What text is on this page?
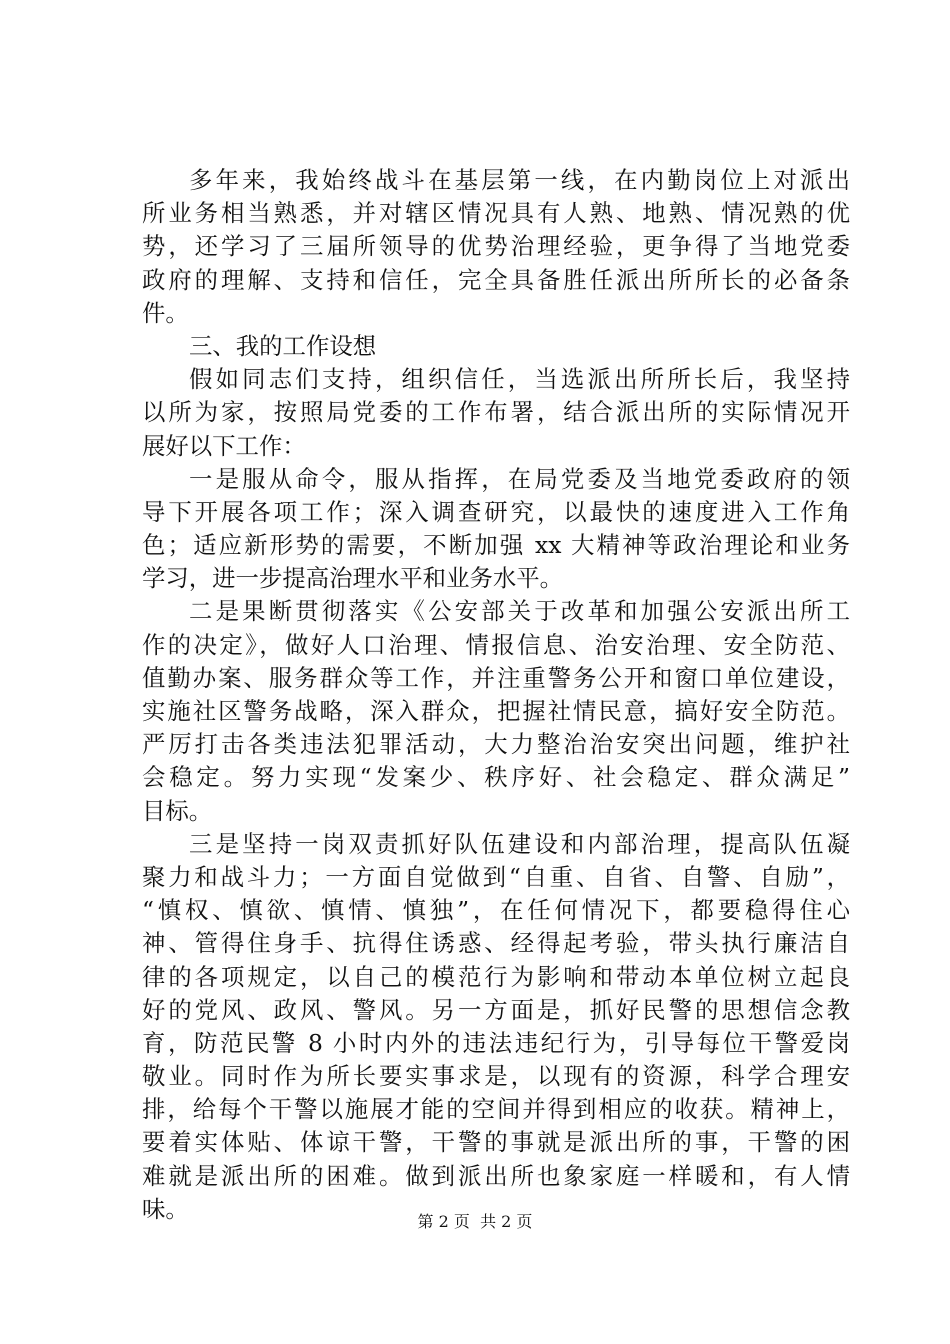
多年来，我始终战斗在基层第一线，在内勤岗位上对派出
所业务相当熟悉，并对辖区情况具有人熟、地熟、情况熟的优
势，还学习了三届所领导的优势治理经验，更争得了当地党委
政府的理解、支持和信任，完全具备胜任派出所所长的必备条
件。
三、我的工作设想
假如同志们支持，组织信任，当选派出所所长后，我坚持
以所为家，按照局党委的工作布署，结合派出所的实际情况开
展好以下工作：
一是服从命令，服从指挥，在局党委及当地党委政府的领
导下开展各项工作；深入调查研究，以最快的速度进入工作角
色；适应新形势的需要，不断加强 xx 大精神等政治理论和业务
学习，进一步提高治理水平和业务水平。
二是果断贯彻落实《公安部关于改革和加强公安派出所工
作的决定》，做好人口治理、情报信息、治安治理、安全防范、
值勤办案、服务群众等工作，并注重警务公开和窗口单位建设，
实施社区警务战略，深入群众，把握社情民意，搞好安全防范。
严厉打击各类违法犯罪活动，大力整治治安突出问题，维护社
会稳定。努力实现“发案少、秩序好、社会稳定、群众满足”
目标。
三是坚持一岗双责抓好队伍建设和内部治理，提高队伍凝
聚力和战斗力；一方面自觉做到“自重、自省、自警、自励”，
“慎权、慎欲、慎情、慎独”，在任何情况下，都要稳得住心
神、管得住身手、抗得住诱惑、经得起考验，带头执行廉洁自
律的各项规定，以自己的模范行为影响和带动本单位树立起良
好的党风、政风、警风。另一方面是，抓好民警的思想信念教
育，防范民警 8 小时内外的违法违纪行为，引导每位干警爱岗
敬业。同时作为所长要实事求是，以现有的资源，科学合理安
排，给每个干警以施展才能的空间并得到相应的收获。精神上，
要着实体贴、体谅干警，干警的事就是派出所的事，干警的困
难就是派出所的困难。做到派出所也象家庭一样暖和，有人情
味。	第 2 页  共 2 页
